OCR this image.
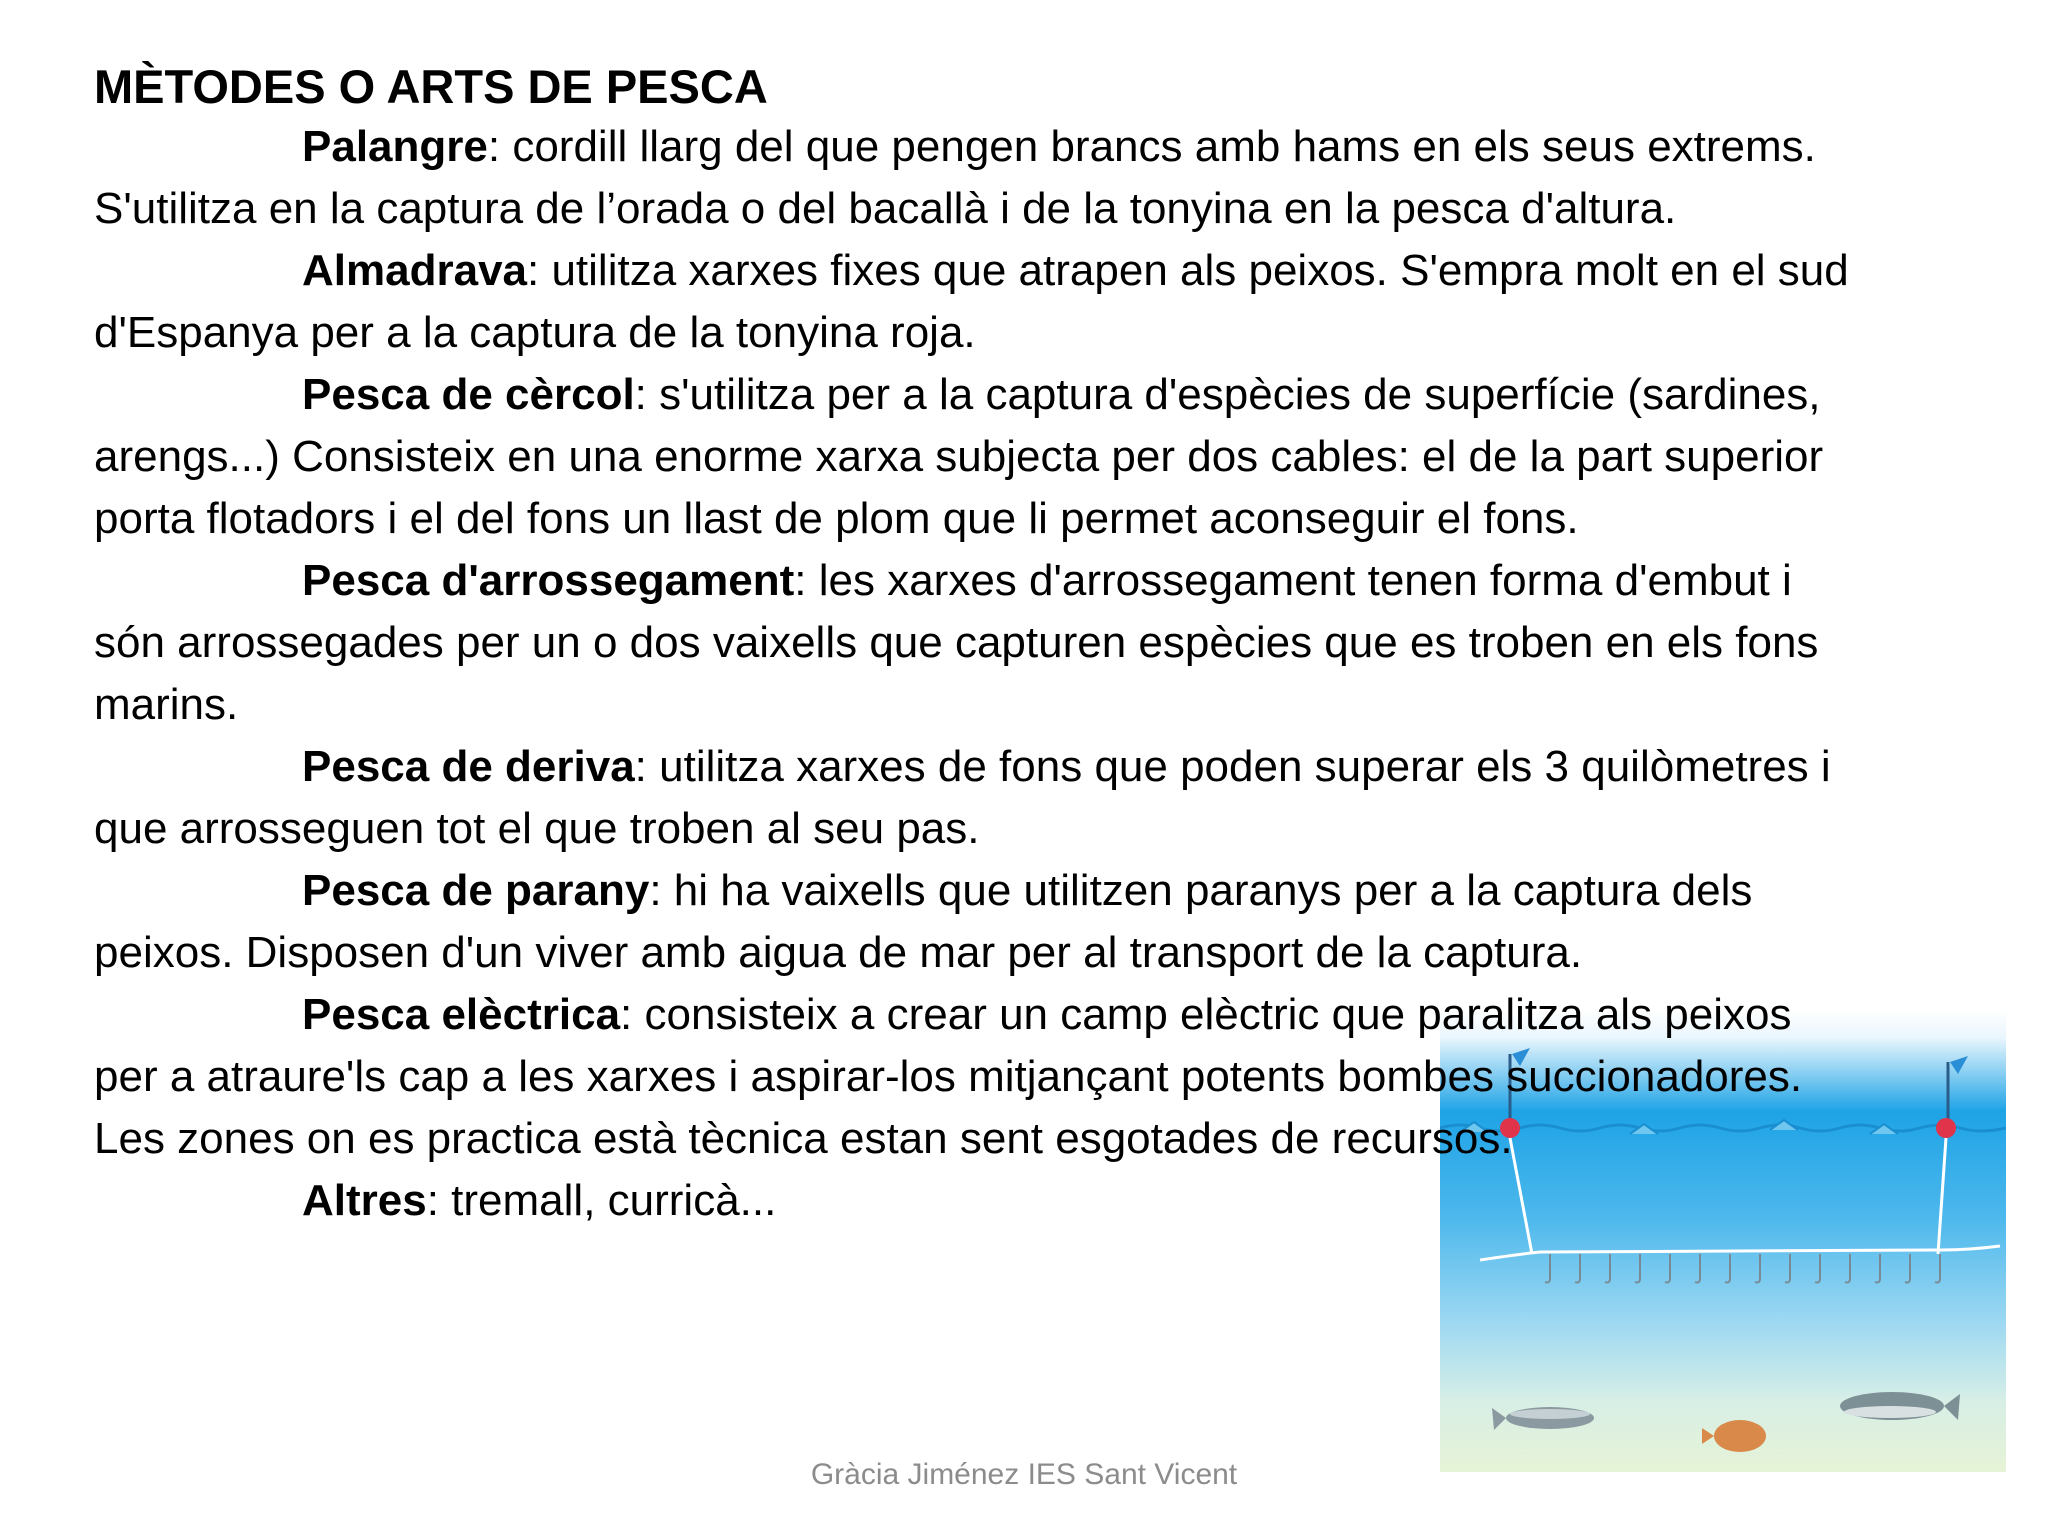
MÈTODES O ARTS DE PESCA

Palangre: cordill llarg del que pengen brancs amb hams en els seus extrems. S'utilitza en la captura de l’orada o del bacallà i de la tonyina en la pesca d'altura.

Almadrava: utilitza xarxes fixes que atrapen als peixos. S'empra molt en el sud d'Espanya per a la captura de la tonyina roja.

Pesca de cèrcol: s'utilitza per a la captura d'espècies de superfície (sardines, arengs...) Consisteix en una enorme xarxa subjecta per dos cables: el de la part superior porta flotadors i el del fons un llast de plom que li permet aconseguir el fons.

Pesca d'arrossegament: les xarxes d'arrossegament tenen forma d'embut i són arrossegades per un o dos vaixells que capturen espècies que es troben en els fons marins.

Pesca de deriva: utilitza xarxes de fons que poden superar els 3 quilòmetres i que arrosseguen tot el que troben al seu pas.

Pesca de parany: hi ha vaixells que utilitzen paranys per a la captura dels peixos. Disposen d'un viver amb aigua de mar per al transport de la captura.

Pesca elèctrica: consisteix a crear un camp elèctric que paralitza als peixos per a atraure'ls cap a les xarxes i aspirar-los mitjançant potents bombes succionadores. Les zones on es practica està tècnica estan sent esgotades de recursos.

Altres: tremall, curricà...

Gràcia Jiménez IES Sant Vicent
